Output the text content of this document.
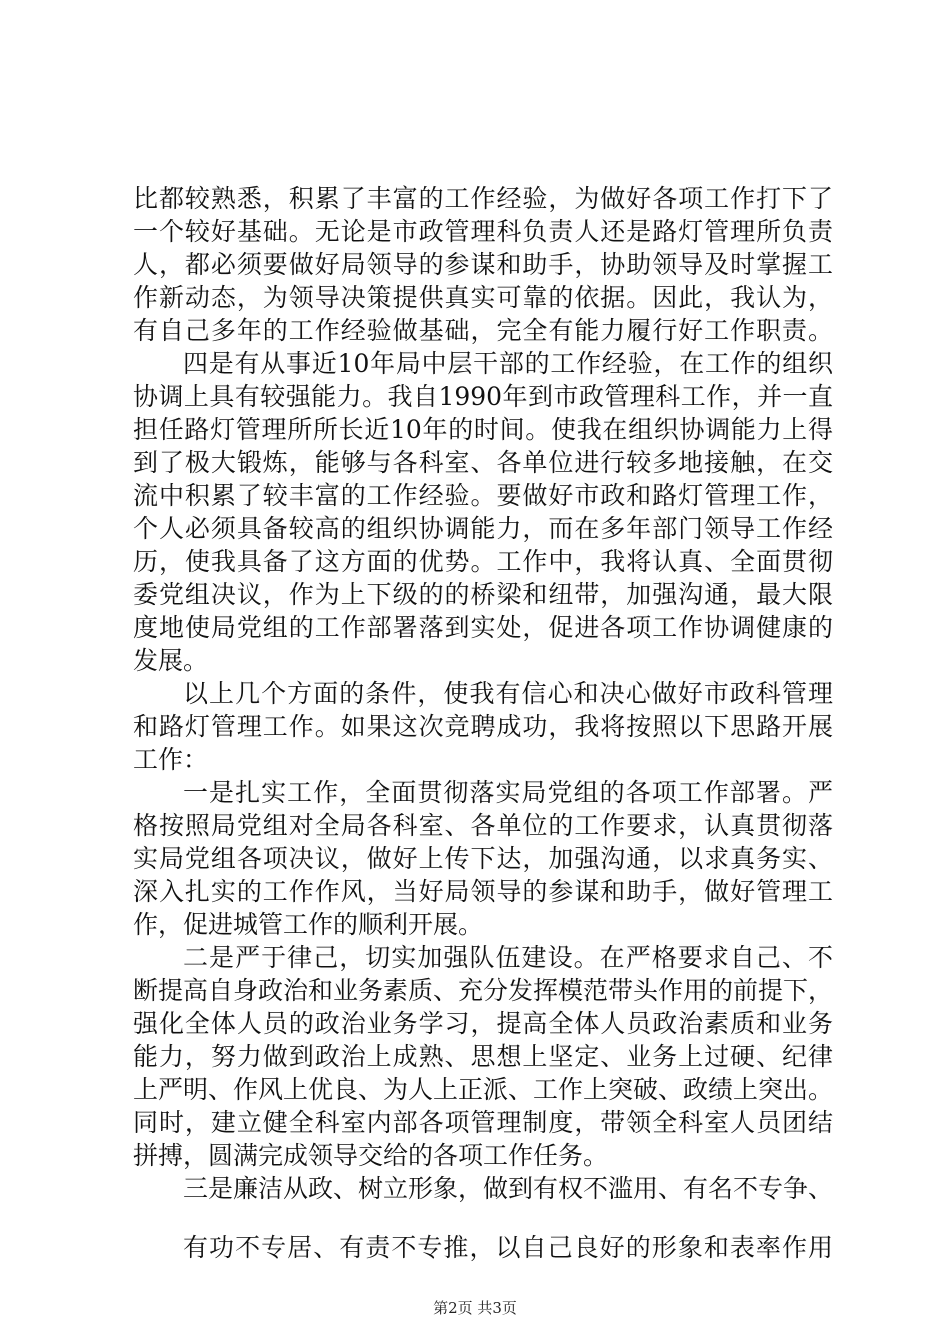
比都较熟悉，积累了丰富的工作经验，为做好各项工作打下了
一个较好基础。无论是市政管理科负责人还是路灯管理所负责
人，都必须要做好局领导的参谋和助手，协助领导及时掌握工
作新动态，为领导决策提供真实可靠的依据。因此，我认为，
有自己多年的工作经验做基础，完全有能力履行好工作职责。
四是有从事近10年局中层干部的工作经验，在工作的组织
协调上具有较强能力。我自1990年到市政管理科工作，并一直
担任路灯管理所所长近10年的时间。使我在组织协调能力上得
到了极大锻炼，能够与各科室、各单位进行较多地接触，在交
流中积累了较丰富的工作经验。要做好市政和路灯管理工作，
个人必须具备较高的组织协调能力，而在多年部门领导工作经
历，使我具备了这方面的优势。工作中，我将认真、全面贯彻
委党组决议，作为上下级的的桥梁和纽带，加强沟通，最大限
度地使局党组的工作部署落到实处，促进各项工作协调健康的
发展。
以上几个方面的条件，使我有信心和决心做好市政科管理
和路灯管理工作。如果这次竞聘成功，我将按照以下思路开展
工作：
一是扎实工作，全面贯彻落实局党组的各项工作部署。严
格按照局党组对全局各科室、各单位的工作要求，认真贯彻落
实局党组各项决议，做好上传下达，加强沟通，以求真务实、
深入扎实的工作作风，当好局领导的参谋和助手，做好管理工
作，促进城管工作的顺利开展。
二是严于律己，切实加强队伍建设。在严格要求自己、不
断提高自身政治和业务素质、充分发挥模范带头作用的前提下，
强化全体人员的政治业务学习，提高全体人员政治素质和业务
能力，努力做到政治上成熟、思想上坚定、业务上过硬、纪律
上严明、作风上优良、为人上正派、工作上突破、政绩上突出。
同时，建立健全科室内部各项管理制度，带领全科室人员团结
拼搏，圆满完成领导交给的各项工作任务。
三是廉洁从政、树立形象，做到有权不滥用、有名不专争、
有功不专居、有责不专推，以自己良好的形象和表率作用
第2页 共3页
